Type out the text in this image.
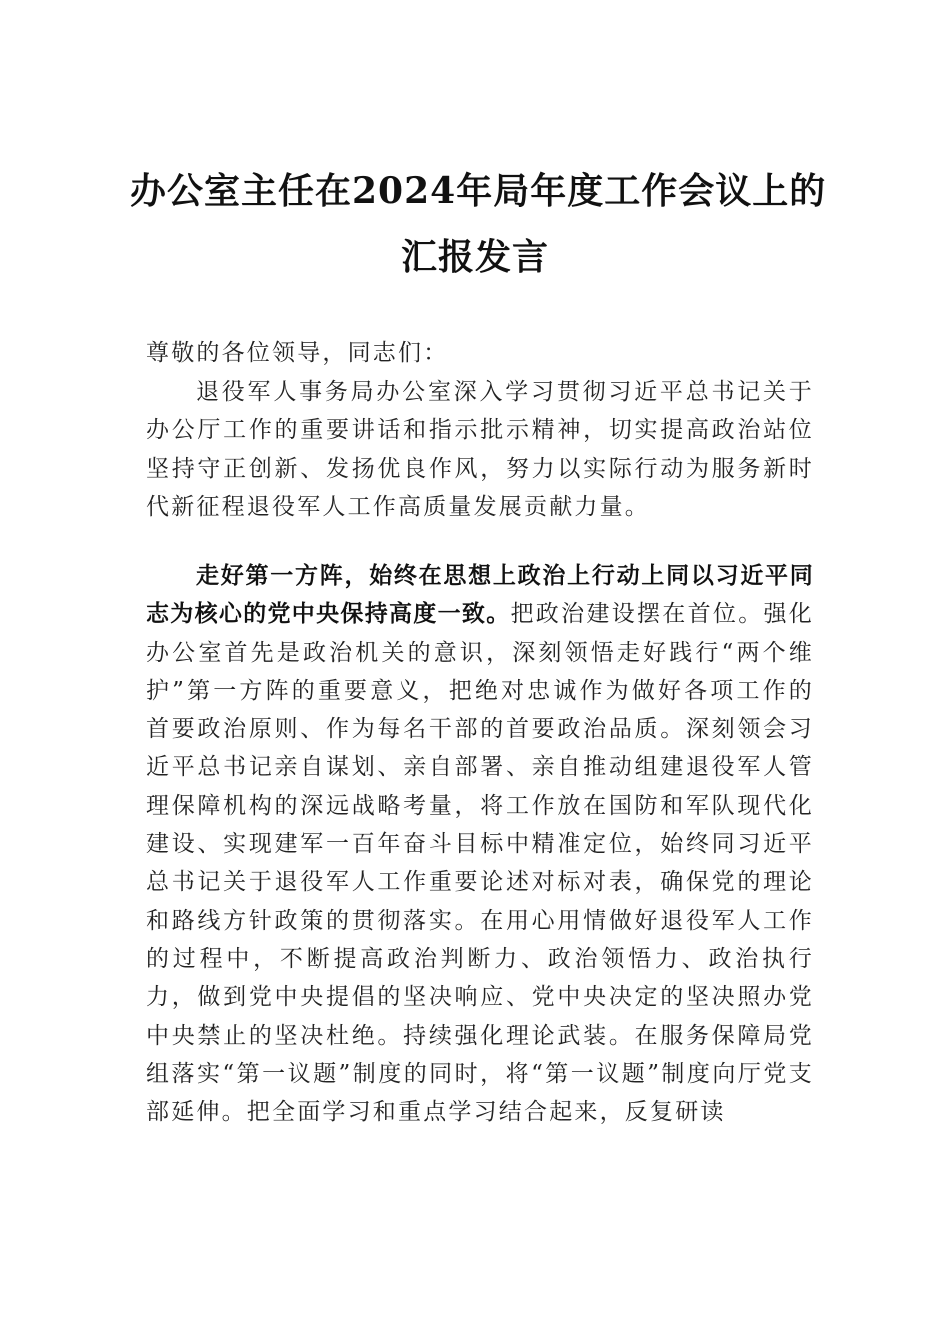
办公室主任在2024年局年度工作会议上的
汇报发言
尊敬的各位领导，同志们：
退役军人事务局办公室深入学习贯彻习近平总书记关于办公厅工作的重要讲话和指示批示精神，切实提高政治站位坚持守正创新、发扬优良作风，努力以实际行动为服务新时代新征程退役军人工作高质量发展贡献力量。
走好第一方阵，始终在思想上政治上行动上同以习近平同志为核心的党中央保持高度一致。把政治建设摆在首位。强化办公室首先是政治机关的意识，深刻领悟走好践行“两个维护”第一方阵的重要意义，把绝对忠诚作为做好各项工作的首要政治原则、作为每名干部的首要政治品质。深刻领会习近平总书记亲自谋划、亲自部署、亲自推动组建退役军人管理保障机构的深远战略考量，将工作放在国防和军队现代化建设、实现建军一百年奋斗目标中精准定位，始终同习近平总书记关于退役军人工作重要论述对标对表，确保党的理论和路线方针政策的贯彻落实。在用心用情做好退役军人工作的过程中，不断提高政治判断力、政治领悟力、政治执行力，做到党中央提倡的坚决响应、党中央决定的坚决照办党中央禁止的坚决杜绝。持续强化理论武装。在服务保障局党组落实“第一议题”制度的同时，将“第一议题”制度向厅党支部延伸。把全面学习和重点学习结合起来，反复研读
